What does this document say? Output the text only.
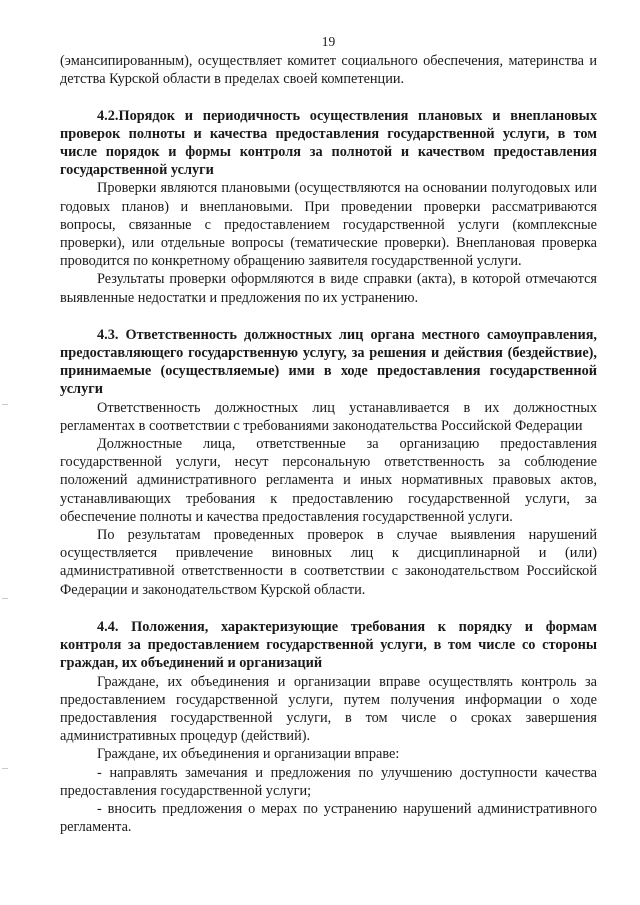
19

(эмансипированным), осуществляет комитет социального обеспечения, материнства и детства Курской области в пределах своей компетенции.

4.2.Порядок и периодичность осуществления плановых и внеплановых проверок полноты и качества предоставления государственной услуги, в том числе порядок и формы контроля за полнотой и качеством предоставления государственной услуги

Проверки являются плановыми (осуществляются на основании полугодовых или годовых планов) и внеплановыми. При проведении проверки рассматриваются вопросы, связанные с предоставлением государственной услуги (комплексные проверки), или отдельные вопросы (тематические проверки). Внеплановая проверка проводится по конкретному обращению заявителя государственной услуги.

Результаты проверки оформляются в виде справки (акта), в которой отмечаются выявленные недостатки и предложения по их устранению.

4.3. Ответственность должностных лиц органа местного самоуправления, предоставляющего государственную услугу, за решения и действия (бездействие), принимаемые (осуществляемые) ими в ходе предоставления государственной услуги

Ответственность должностных лиц устанавливается в их должностных регламентах в соответствии с требованиями законодательства Российской Федерации

Должностные лица, ответственные за организацию предоставления государственной услуги, несут персональную ответственность за соблюдение положений административного регламента и иных нормативных правовых актов, устанавливающих требования к предоставлению государственной услуги, за обеспечение полноты и качества предоставления государственной услуги.

По результатам проведенных проверок в случае выявления нарушений осуществляется привлечение виновных лиц к дисциплинарной и (или) административной ответственности в соответствии с законодательством Российской Федерации и законодательством Курской области.

4.4. Положения, характеризующие требования к порядку и формам контроля за предоставлением государственной услуги, в том числе со стороны граждан, их объединений и организаций

Граждане, их объединения и организации вправе осуществлять контроль за предоставлением государственной услуги, путем получения информации о ходе предоставления государственной услуги, в том числе о сроках завершения административных процедур (действий).

Граждане, их объединения и организации вправе:

- направлять замечания и предложения по улучшению доступности качества предоставления государственной услуги;

- вносить предложения о мерах по устранению нарушений административного регламента.
